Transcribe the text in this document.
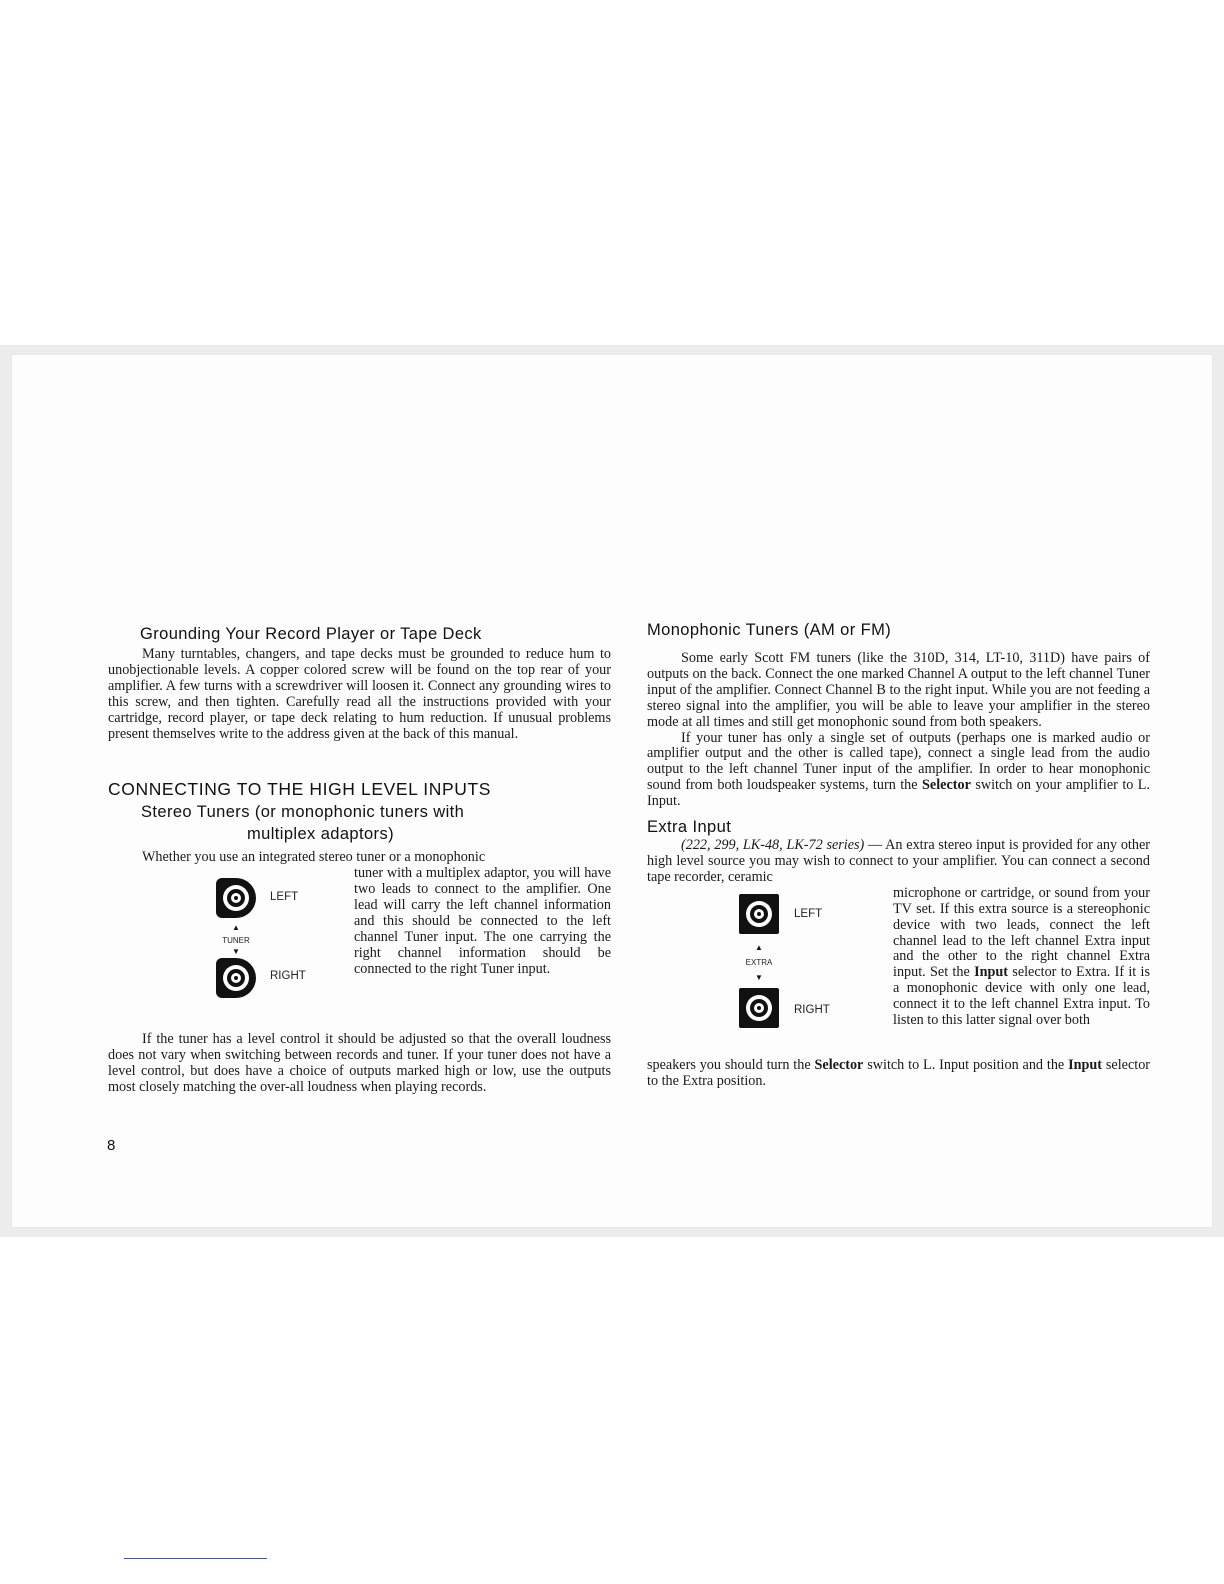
Grounding Your Record Player or Tape Deck

Many turntables, changers, and tape decks must be grounded to reduce hum to unobjectionable levels. A copper colored screw will be found on the top rear of your amplifier. A few turns with a screwdriver will loosen it. Connect any grounding wires to this screw, and then tighten. Carefully read all the instructions provided with your cartridge, record player, or tape deck relating to hum reduction. If unusual problems present themselves write to the address given at the back of this manual.

CONNECTING TO THE HIGH LEVEL INPUTS
Stereo Tuners (or monophonic tuners with
multiplex adaptors)

Whether you use an integrated stereo tuner or a monophonic

LEFT
▲
TUNER
▼
RIGHT

tuner with a multiplex adaptor, you will have two leads to connect to the amplifier. One lead will carry the left channel information and this should be connected to the left channel Tuner input. The one carrying the right channel information should be connected to the right Tuner input.

If the tuner has a level control it should be adjusted so that the overall loudness does not vary when switching between records and tuner. If your tuner does not have a level control, but does have a choice of outputs marked high or low, use the outputs most closely matching the over-all loudness when playing records.

8
Monophonic Tuners (AM or FM)

Some early Scott FM tuners (like the 310D, 314, LT-10, 311D) have pairs of outputs on the back. Connect the one marked Channel A output to the left channel Tuner input of the amplifier. Connect Channel B to the right input. While you are not feeding a stereo signal into the amplifier, you will be able to leave your amplifier in the stereo mode at all times and still get monophonic sound from both speakers.

If your tuner has only a single set of outputs (perhaps one is marked audio or amplifier output and the other is called tape), connect a single lead from the audio output to the left channel Tuner input of the amplifier. In order to hear monophonic sound from both loudspeaker systems, turn the Selector switch on your amplifier to L. Input.

Extra Input

(222, 299, LK-48, LK-72 series) — An extra stereo input is provided for any other high level source you may wish to connect to your amplifier. You can connect a second tape recorder, ceramic

LEFT
▲
EXTRA
▼
RIGHT

microphone or cartridge, or sound from your TV set. If this extra source is a stereophonic device with two leads, connect the left channel lead to the left channel Extra input and the other to the right channel Extra input. Set the Input selector to Extra. If it is a monophonic device with only one lead, connect it to the left channel Extra input. To listen to this latter signal over both

speakers you should turn the Selector switch to L. Input position and the Input selector to the Extra position.
